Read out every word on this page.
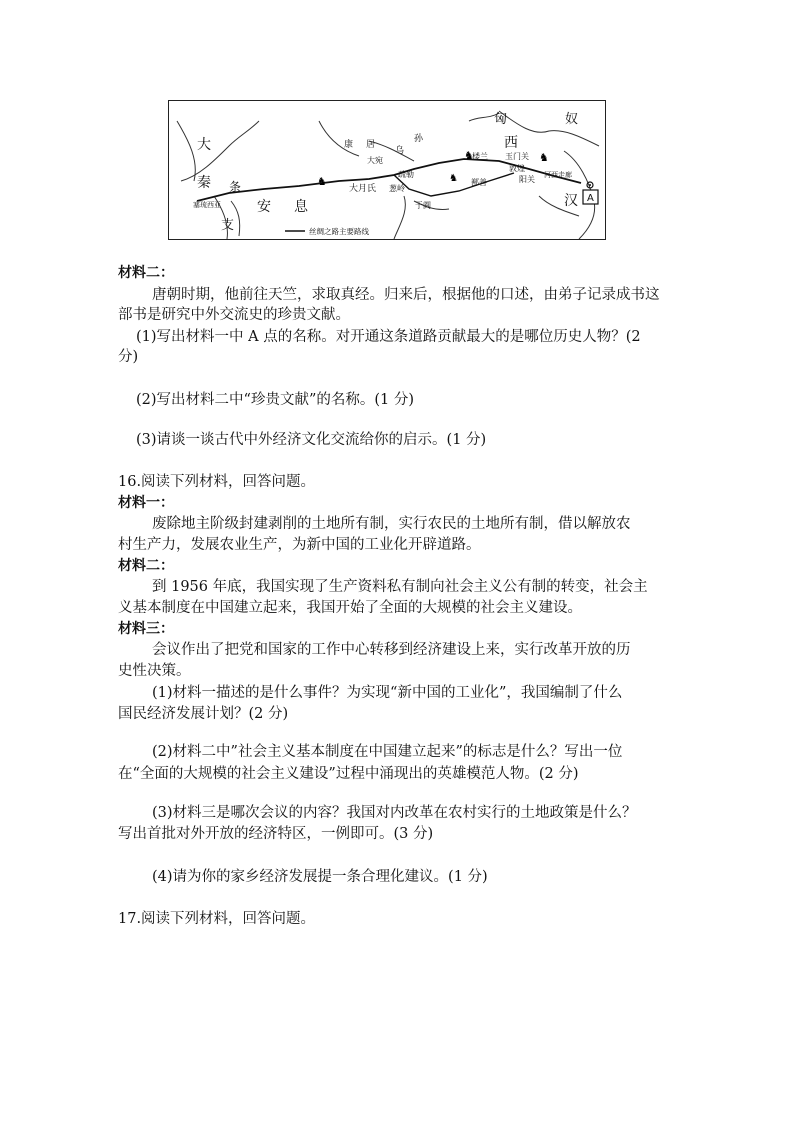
♞
♞	♞
♞
A
匈	奴
西
大
秦 条
安 息
支
汉
康 居
乌
孙
大宛
疏勒
大月氏 葱岭
于阗
楼兰 玉门关
敦煌
阳关
鄯善
塞琉西亚
河西走廊
丝绸之路主要路线
材料二：
唐朝时期，他前往天竺，求取真经。归来后，根据他的口述，由弟子记录成书这
部书是研究中外交流史的珍贵文献。
(1)写出材料一中 A 点的名称。对开通这条道路贡献最大的是哪位历史人物？(2
分)
(2)写出材料二中“珍贵文献”的名称。(1 分)
(3)请谈一谈古代中外经济文化交流给你的启示。(1 分)
16.阅读下列材料，回答问题。
材料一：
废除地主阶级封建剥削的土地所有制，实行农民的土地所有制，借以解放农
村生产力，发展农业生产，为新中国的工业化开辟道路。
材料二：
到 1956 年底，我国实现了生产资料私有制向社会主义公有制的转变，社会主
义基本制度在中国建立起来，我国开始了全面的大规模的社会主义建设。
材料三：
会议作出了把党和国家的工作中心转移到经济建设上来，实行改革开放的历
史性决策。
(1)材料一描述的是什么事件？为实现“新中国的工业化”，我国编制了什么
国民经济发展计划？(2 分)
(2)材料二中”社会主义基本制度在中国建立起来”的标志是什么？写出一位
在“全面的大规模的社会主义建设”过程中涌现出的英雄模范人物。(2 分)
(3)材料三是哪次会议的内容？我国对内改革在农村实行的土地政策是什么？
写出首批对外开放的经济特区，一例即可。(3 分)
(4)请为你的家乡经济发展提一条合理化建议。(1 分)
17.阅读下列材料，回答问题。
